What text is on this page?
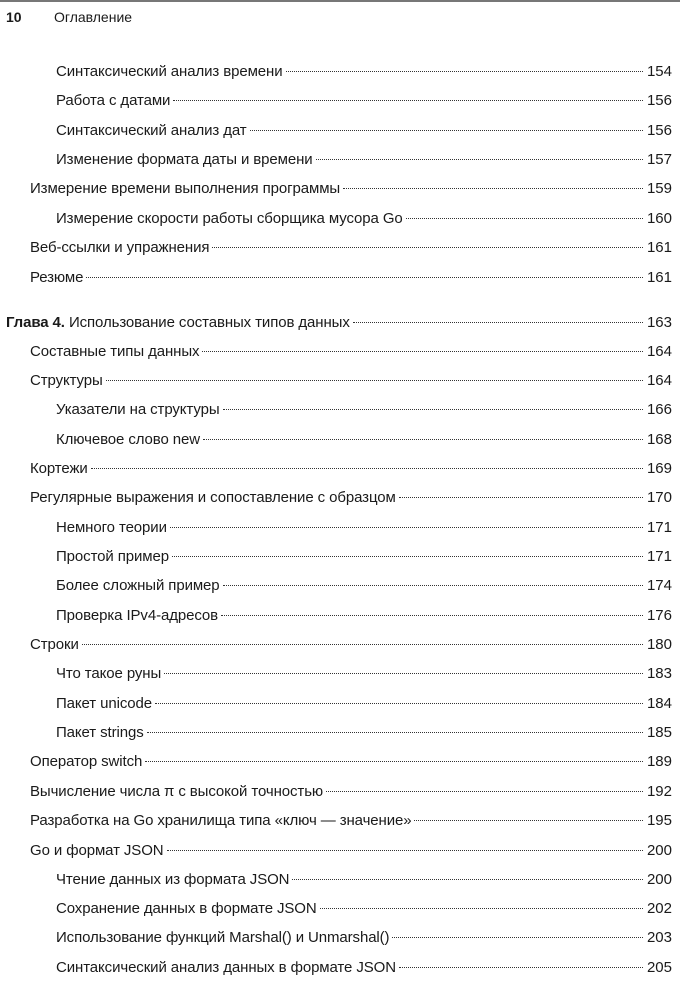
10 Оглавление
Синтаксический анализ времени	154
Работа с датами	156
Синтаксический анализ дат	156
Изменение формата даты и времени	157
Измерение времени выполнения программы	159
Измерение скорости работы сборщика мусора Go	160
Веб-ссылки и упражнения	161
Резюме	161
Глава 4. Использование составных типов данных	163
Составные типы данных	164
Структуры	164
Указатели на структуры	166
Ключевое слово new	168
Кортежи	169
Регулярные выражения и сопоставление с образцом	170
Немного теории	171
Простой пример	171
Более сложный пример	174
Проверка IPv4-адресов	176
Строки	180
Что такое руны	183
Пакет unicode	184
Пакет strings	185
Оператор switch	189
Вычисление числа π с высокой точностью	192
Разработка на Go хранилища типа «ключ — значение»	195
Go и формат JSON	200
Чтение данных из формата JSON	200
Сохранение данных в формате JSON	202
Использование функций Marshal() и Unmarshal()	203
Синтаксический анализ данных в формате JSON	205
